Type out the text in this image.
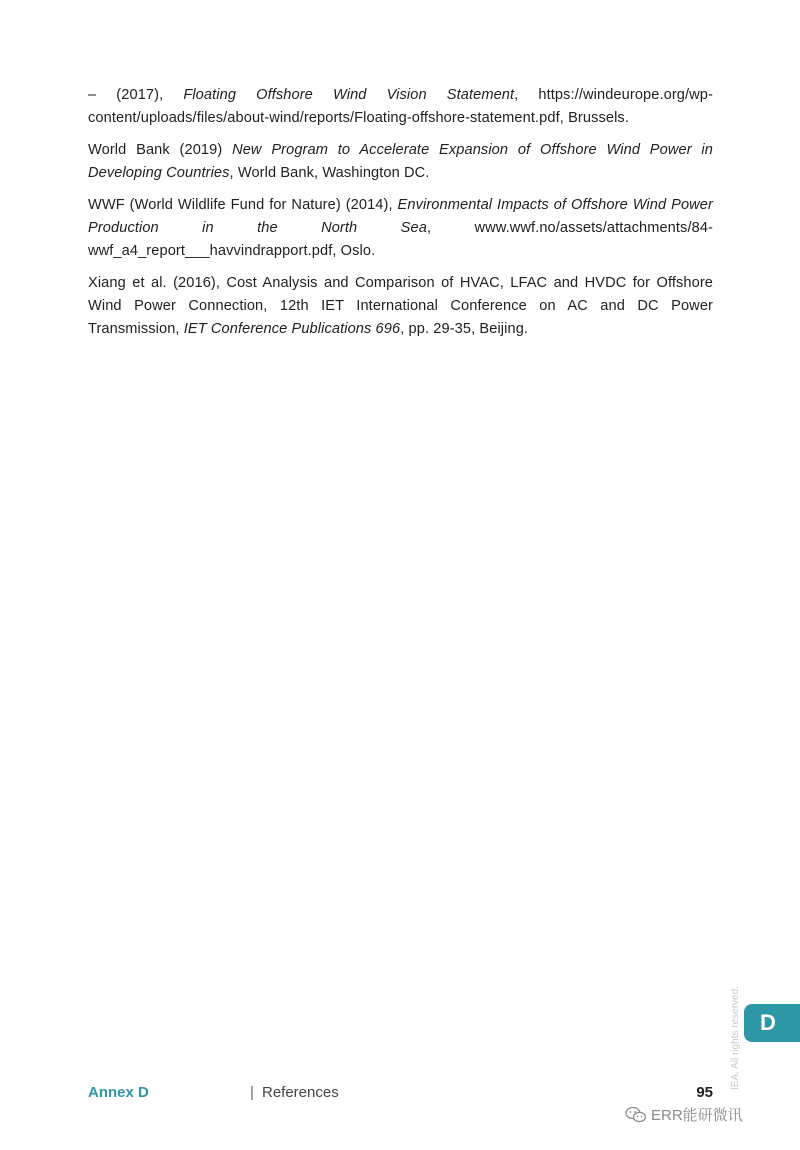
– (2017), Floating Offshore Wind Vision Statement, https://windeurope.org/wp-content/uploads/files/about-wind/reports/Floating-offshore-statement.pdf, Brussels.

World Bank (2019) New Program to Accelerate Expansion of Offshore Wind Power in Developing Countries, World Bank, Washington DC.

WWF (World Wildlife Fund for Nature) (2014), Environmental Impacts of Offshore Wind Power Production in the North Sea, www.wwf.no/assets/attachments/84-wwf_a4_report___havvindrapport.pdf, Oslo.

Xiang et al. (2016), Cost Analysis and Comparison of HVAC, LFAC and HVDC for Offshore Wind Power Connection, 12th IET International Conference on AC and DC Power Transmission, IET Conference Publications 696, pp. 29-35, Beijing.

Annex D	| References	95
D
IEA. All rights reserved.
ERR能研微讯
